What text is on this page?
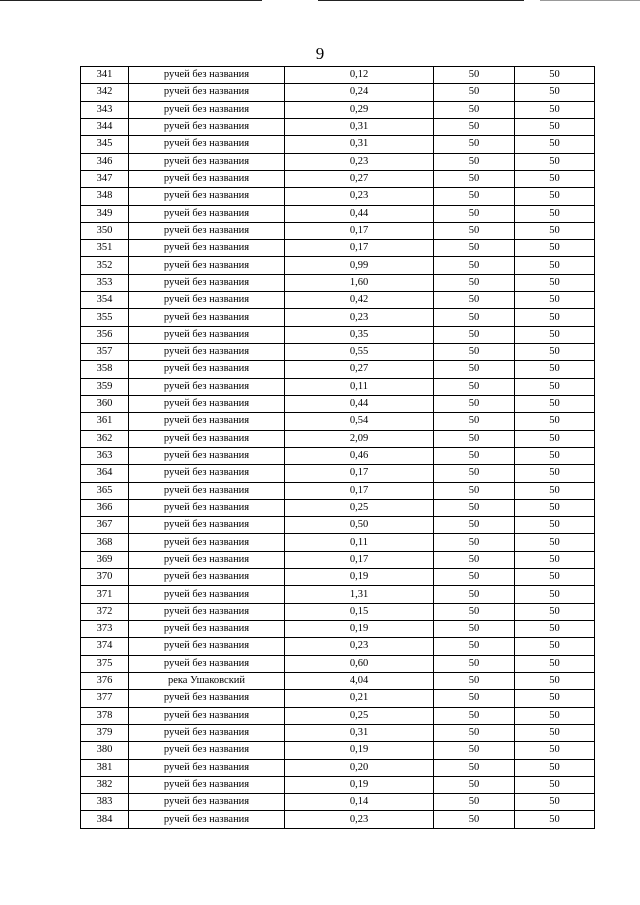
9
341	ручей без названия	0,12	50	50
342	ручей без названия	0,24	50	50
343	ручей без названия	0,29	50	50
344	ручей без названия	0,31	50	50
345	ручей без названия	0,31	50	50
346	ручей без названия	0,23	50	50
347	ручей без названия	0,27	50	50
348	ручей без названия	0,23	50	50
349	ручей без названия	0,44	50	50
350	ручей без названия	0,17	50	50
351	ручей без названия	0,17	50	50
352	ручей без названия	0,99	50	50
353	ручей без названия	1,60	50	50
354	ручей без названия	0,42	50	50
355	ручей без названия	0,23	50	50
356	ручей без названия	0,35	50	50
357	ручей без названия	0,55	50	50
358	ручей без названия	0,27	50	50
359	ручей без названия	0,11	50	50
360	ручей без названия	0,44	50	50
361	ручей без названия	0,54	50	50
362	ручей без названия	2,09	50	50
363	ручей без названия	0,46	50	50
364	ручей без названия	0,17	50	50
365	ручей без названия	0,17	50	50
366	ручей без названия	0,25	50	50
367	ручей без названия	0,50	50	50
368	ручей без названия	0,11	50	50
369	ручей без названия	0,17	50	50
370	ручей без названия	0,19	50	50
371	ручей без названия	1,31	50	50
372	ручей без названия	0,15	50	50
373	ручей без названия	0,19	50	50
374	ручей без названия	0,23	50	50
375	ручей без названия	0,60	50	50
376	река Ушаковский	4,04	50	50
377	ручей без названия	0,21	50	50
378	ручей без названия	0,25	50	50
379	ручей без названия	0,31	50	50
380	ручей без названия	0,19	50	50
381	ручей без названия	0,20	50	50
382	ручей без названия	0,19	50	50
383	ручей без названия	0,14	50	50
384	ручей без названия	0,23	50	50
